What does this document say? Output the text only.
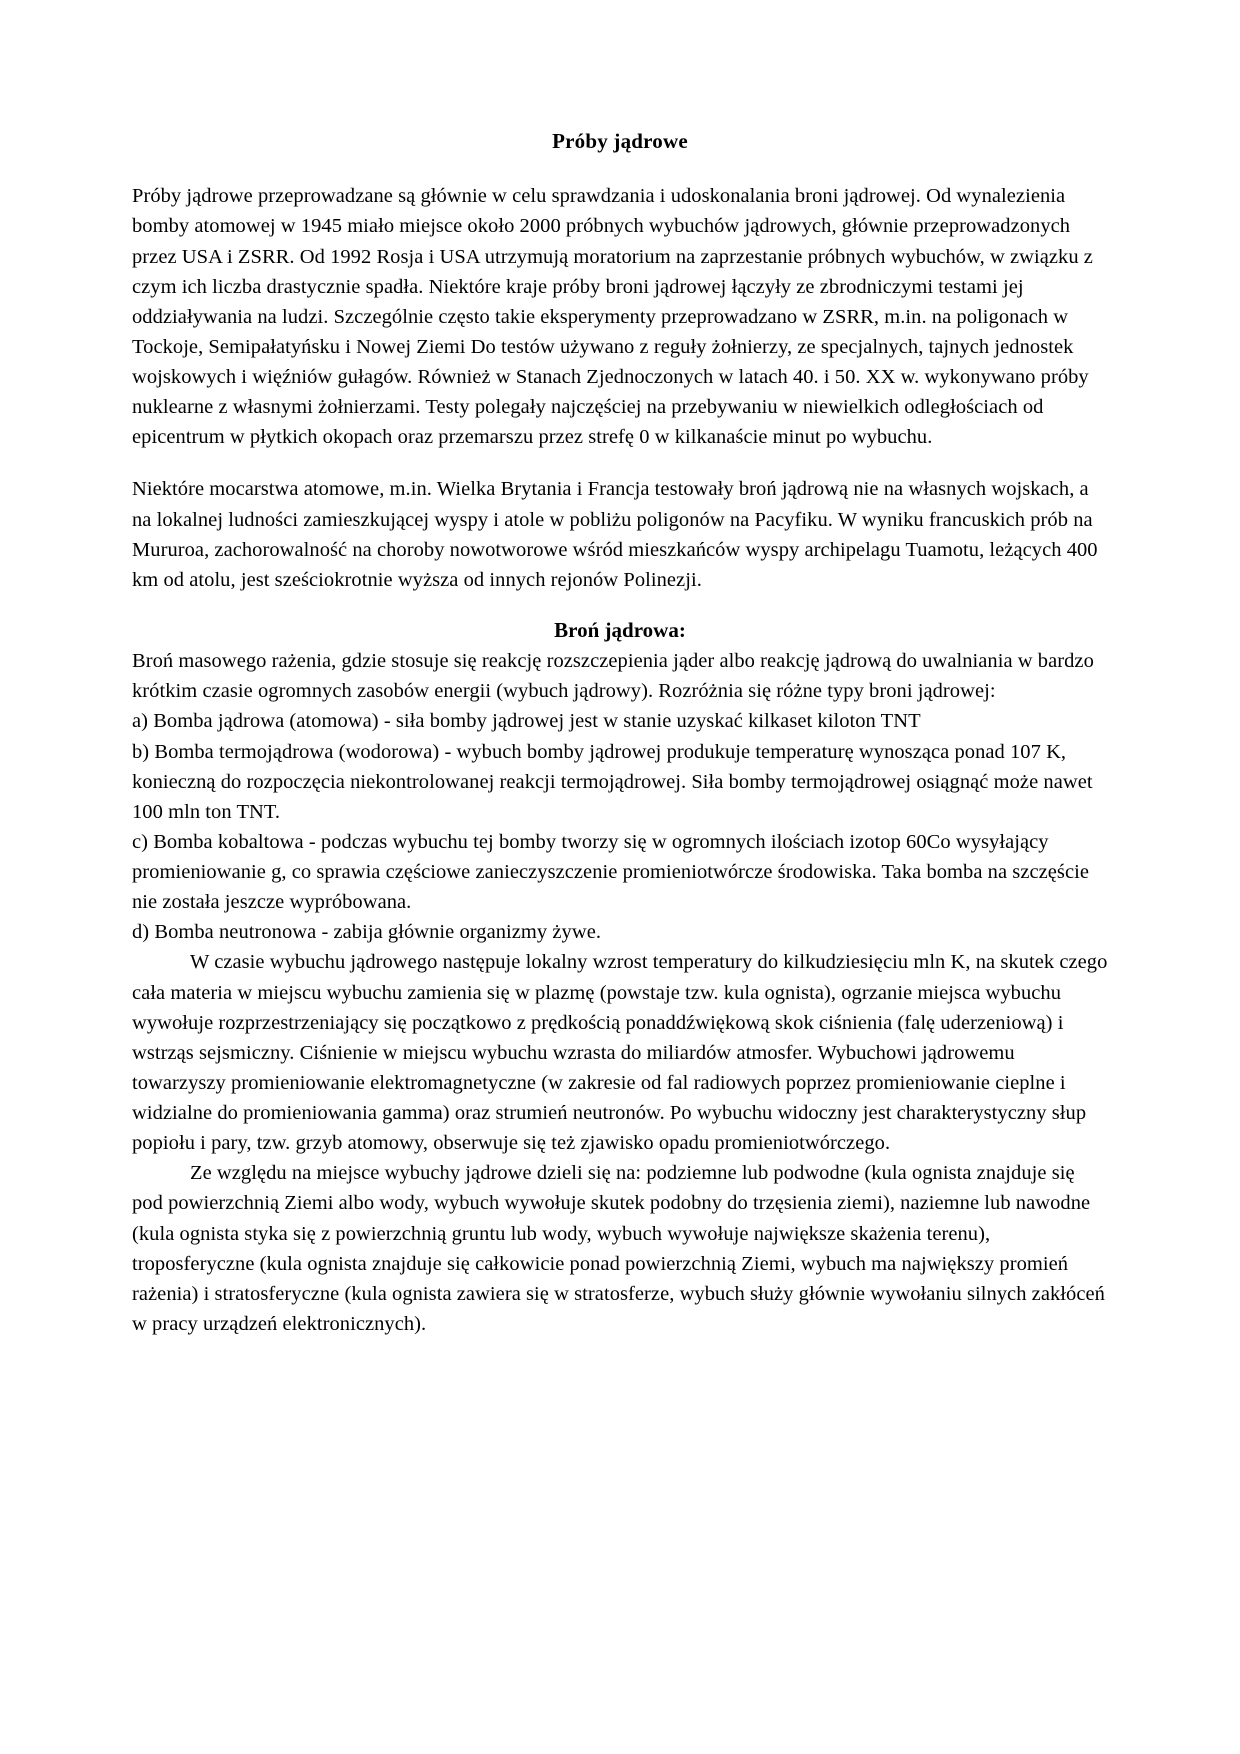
Próby jądrowe

Próby jądrowe przeprowadzane są głównie w celu sprawdzania i udoskonalania broni jądrowej. Od wynalezienia bomby atomowej w 1945 miało miejsce około 2000 próbnych wybuchów jądrowych, głównie przeprowadzonych przez USA i ZSRR. Od 1992 Rosja i USA utrzymują moratorium na zaprzestanie próbnych wybuchów, w związku z czym ich liczba drastycznie spadła. Niektóre kraje próby broni jądrowej łączyły ze zbrodniczymi testami jej oddziaływania na ludzi. Szczególnie często takie eksperymenty przeprowadzano w ZSRR, m.in. na poligonach w Tockoje, Semipałatyńsku i Nowej Ziemi Do testów używano z reguły żołnierzy, ze specjalnych, tajnych jednostek wojskowych i więźniów gułagów. Również w Stanach Zjednoczonych w latach 40. i 50. XX w. wykonywano próby nuklearne z własnymi żołnierzami. Testy polegały najczęściej na przebywaniu w niewielkich odległościach od epicentrum w płytkich okopach oraz przemarszu przez strefę 0 w kilkanaście minut po wybuchu.

Niektóre mocarstwa atomowe, m.in. Wielka Brytania i Francja testowały broń jądrową nie na własnych wojskach, a na lokalnej ludności zamieszkującej wyspy i atole w pobliżu poligonów na Pacyfiku. W wyniku francuskich prób na Mururoa, zachorowalność na choroby nowotworowe wśród mieszkańców wyspy archipelagu Tuamotu, leżących 400 km od atolu, jest sześciokrotnie wyższa od innych rejonów Polinezji.

Broń jądrowa:

Broń masowego rażenia, gdzie stosuje się reakcję rozszczepienia jąder albo reakcję jądrową do uwalniania w bardzo krótkim czasie ogromnych zasobów energii (wybuch jądrowy). Rozróżnia się różne typy broni jądrowej:

a) Bomba jądrowa (atomowa) - siła bomby jądrowej jest w stanie uzyskać kilkaset kiloton TNT

b) Bomba termojądrowa (wodorowa) - wybuch bomby jądrowej produkuje temperaturę wynosząca ponad 107 K, konieczną do rozpoczęcia niekontrolowanej reakcji termojądrowej. Siła bomby termojądrowej osiągnąć może nawet 100 mln ton TNT.

c) Bomba kobaltowa - podczas wybuchu tej bomby tworzy się w ogromnych ilościach izotop 60Co wysyłający promieniowanie g, co sprawia częściowe zanieczyszczenie promieniotwórcze środowiska. Taka bomba na szczęście nie została jeszcze wypróbowana.

d) Bomba neutronowa - zabija głównie organizmy żywe.

W czasie wybuchu jądrowego następuje lokalny wzrost temperatury do kilkudziesięciu mln K, na skutek czego cała materia w miejscu wybuchu zamienia się w plazmę (powstaje tzw. kula ognista), ogrzanie miejsca wybuchu wywołuje rozprzestrzeniający się początkowo z prędkością ponaddźwiękową skok ciśnienia (falę uderzeniową) i wstrząs sejsmiczny. Ciśnienie w miejscu wybuchu wzrasta do miliardów atmosfer. Wybuchowi jądrowemu towarzyszy promieniowanie elektromagnetyczne (w zakresie od fal radiowych poprzez promieniowanie cieplne i widzialne do promieniowania gamma) oraz strumień neutronów. Po wybuchu widoczny jest charakterystyczny słup popiołu i pary, tzw. grzyb atomowy, obserwuje się też zjawisko opadu promieniotwórczego.

Ze względu na miejsce wybuchy jądrowe dzieli się na: podziemne lub podwodne (kula ognista znajduje się pod powierzchnią Ziemi albo wody, wybuch wywołuje skutek podobny do trzęsienia ziemi), naziemne lub nawodne (kula ognista styka się z powierzchnią gruntu lub wody, wybuch wywołuje największe skażenia terenu), troposferyczne (kula ognista znajduje się całkowicie ponad powierzchnią Ziemi, wybuch ma największy promień rażenia) i stratosferyczne (kula ognista zawiera się w stratosferze, wybuch służy głównie wywołaniu silnych zakłóceń w pracy urządzeń elektronicznych).
